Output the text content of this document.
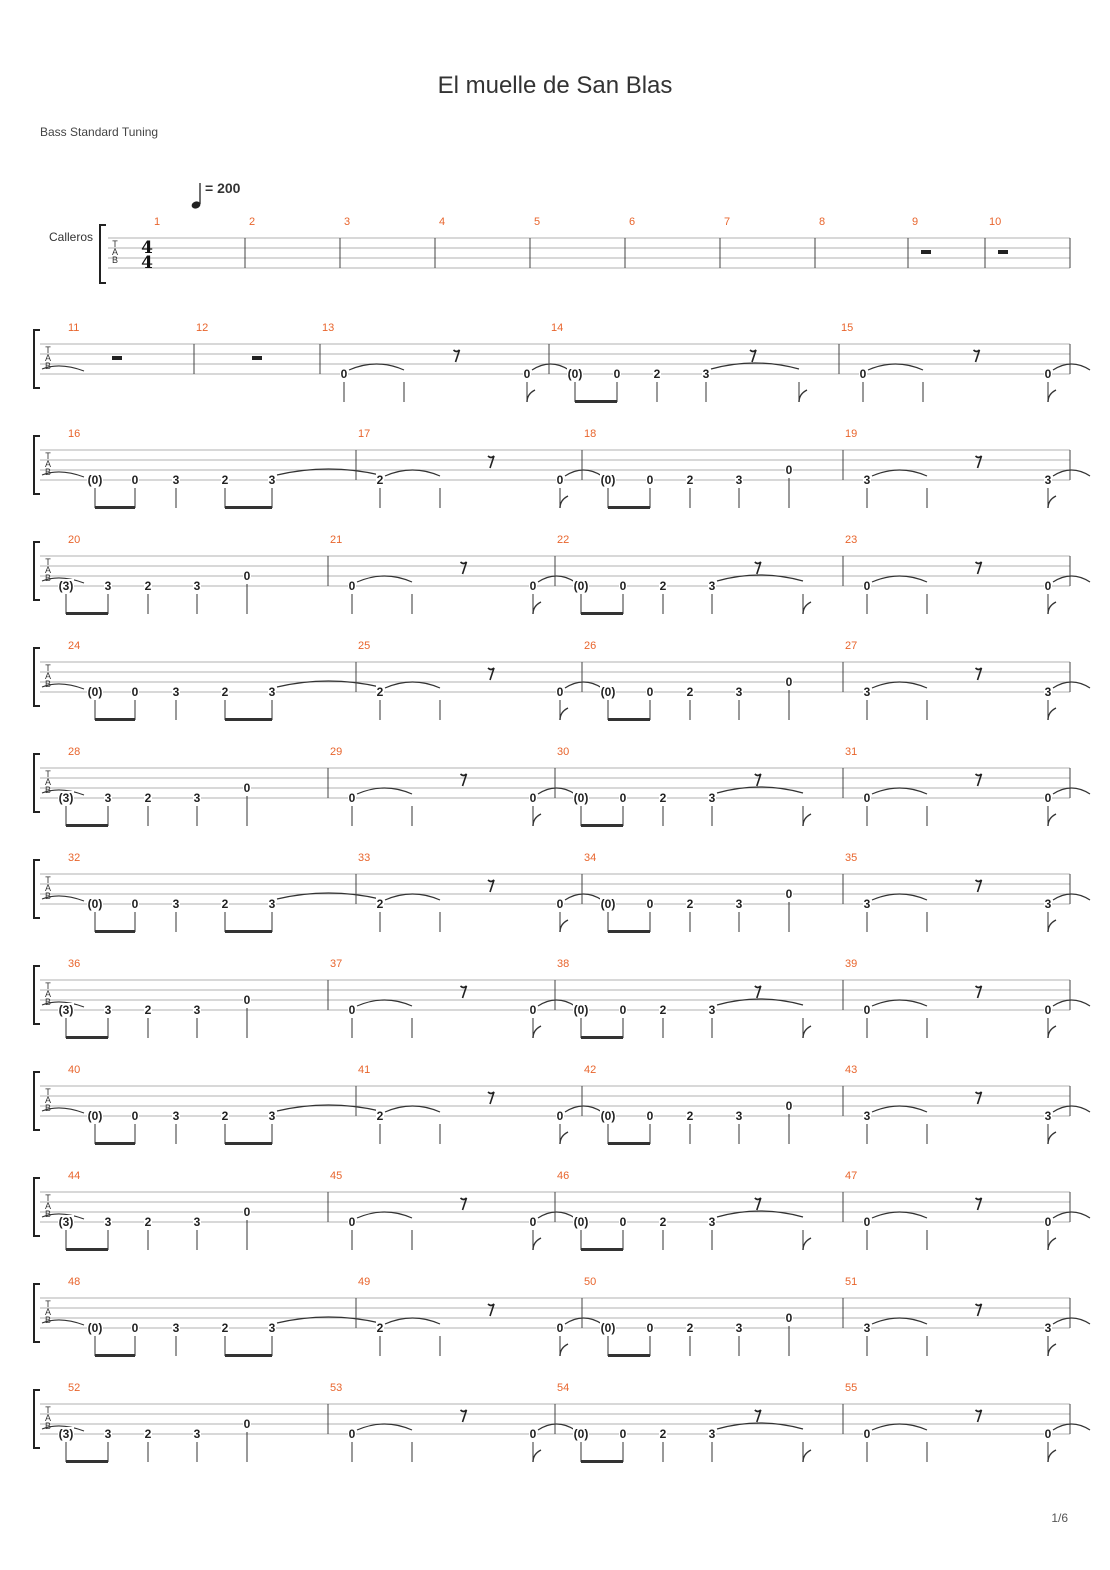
El muelle de San Blas
Bass Standard Tuning
= 200
Calleros
1/6
T
A
B
4
4
1	2	3	4	5	6	7	8	9	10
T
A
B
11	12	13
0	0
14
(0)	0	2	3
15
0	0
T
A
B
16
(0) 0	3	2	3
17
2	0
18
(0)	0	2	3
0
19
3	3
T
A
B
20
(3)	3	2	3
0
21
0	0
22
(0)	0	2	3
23
0	0
T
A
B
24
(0) 0	3	2	3
25
2	0
26
(0)	0	2	3
0
27
3	3
T
A
B
28
(3)	3	2	3
0
29
0	0
30
(0)	0	2	3
31
0	0
T
A
B
32
(0) 0	3	2	3
33
2	0
34
(0)	0	2	3
0
35
3	3
T
A
B
36
(3)	3	2	3
0
37
0	0
38
(0)	0	2	3
39
0	0
T
A
B
40
(0) 0	3	2	3
41
2	0
42
(0)	0	2	3
0
43
3	3
T
A
B
44
(3)	3	2	3
0
45
0	0
46
(0)	0	2	3
47
0	0
T
A
B
48
(0) 0	3	2	3
49
2	0
50
(0)	0	2	3
0
51
3	3
T
A
B
52
(3)	3	2	3
0
53
0	0
54
(0)	0	2	3
55
0	0
